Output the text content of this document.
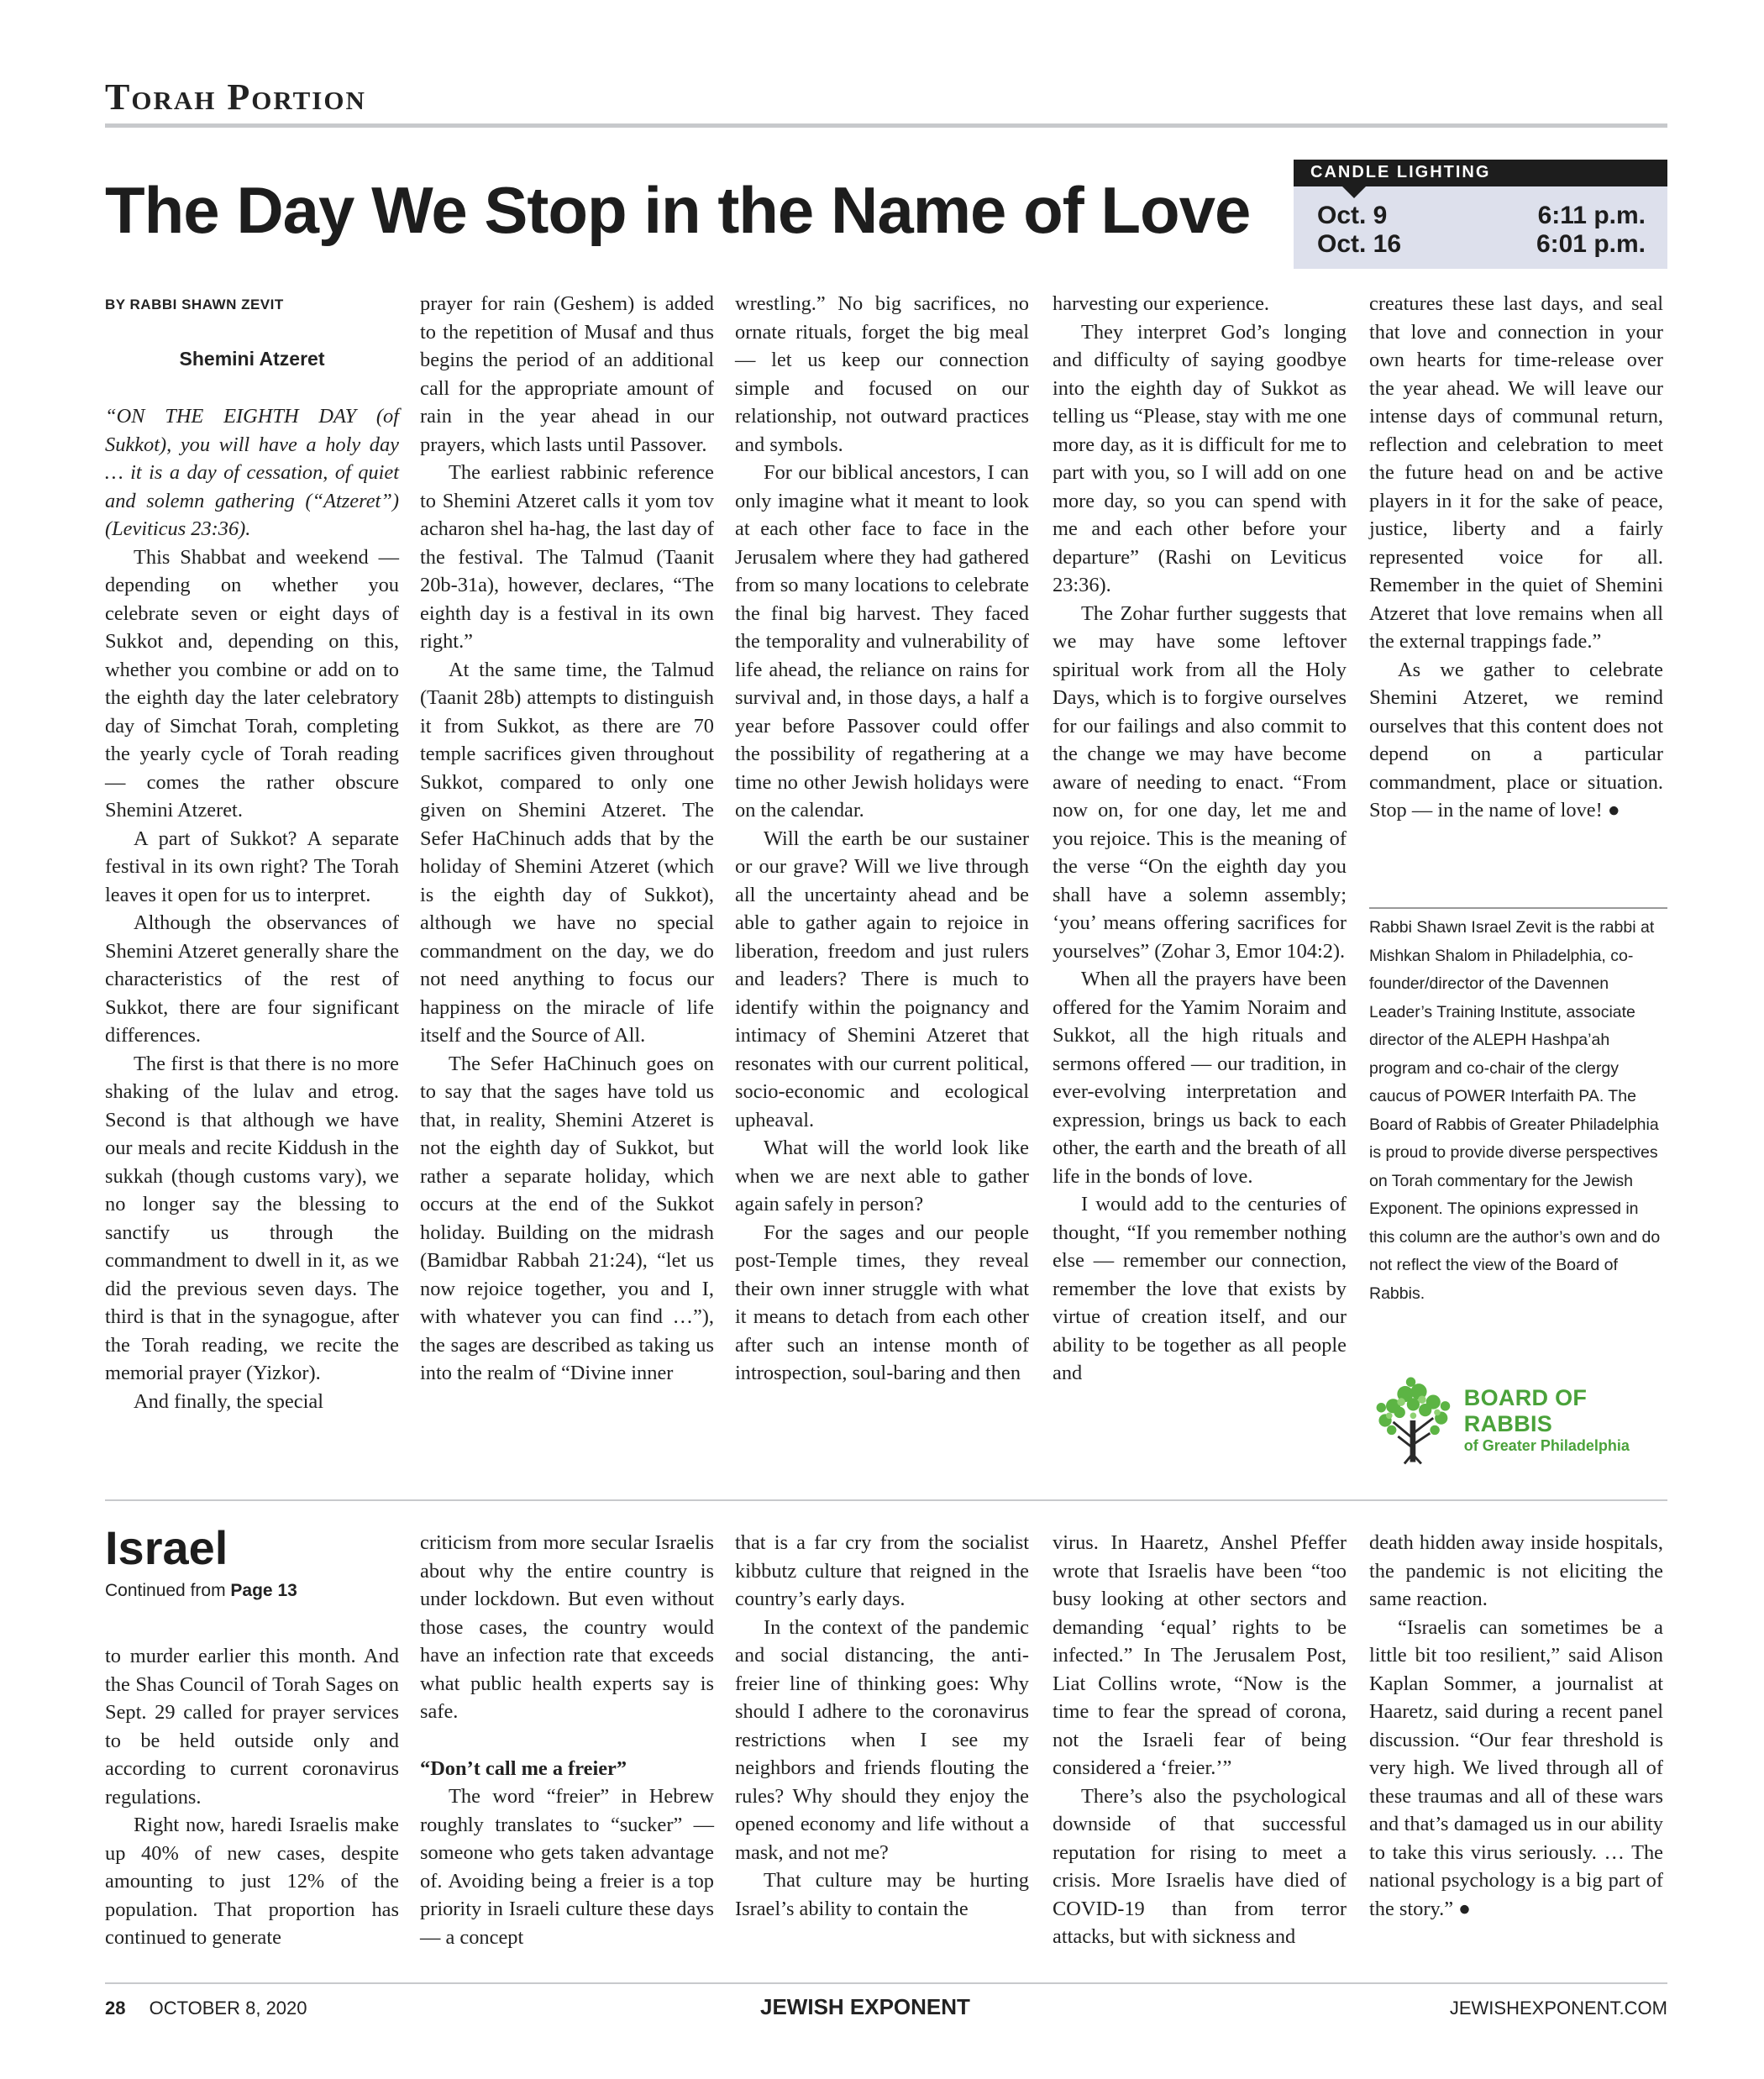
Torah Portion
The Day We Stop in the Name of Love
CANDLE LIGHTING
Oct. 9	6:11 p.m.
Oct. 16	6:01 p.m.
BY RABBI SHAWN ZEVIT
Shemini Atzeret

“ON THE EIGHTH DAY (of Sukkot), you will have a holy day … it is a day of cessation, of quiet and solemn gathering (“Atzeret”) (Leviticus 23:36).

This Shabbat and weekend — depending on whether you celebrate seven or eight days of Sukkot and, depending on this, whether you combine or add on to the eighth day the later celebratory day of Simchat Torah, completing the yearly cycle of Torah reading — comes the rather obscure Shemini Atzeret.

A part of Sukkot? A separate festival in its own right? The Torah leaves it open for us to interpret.

Although the observances of Shemini Atzeret generally share the characteristics of the rest of Sukkot, there are four significant differences.

The first is that there is no more shaking of the lulav and etrog. Second is that although we have our meals and recite Kiddush in the sukkah (though customs vary), we no longer say the blessing to sanctify us through the commandment to dwell in it, as we did the previous seven days. The third is that in the synagogue, after the Torah reading, we recite the memorial prayer (Yizkor).

And finally, the special

prayer for rain (Geshem) is added to the repetition of Musaf and thus begins the period of an additional call for the appropriate amount of rain in the year ahead in our prayers, which lasts until Passover.

The earliest rabbinic reference to Shemini Atzeret calls it yom tov acharon shel ha-hag, the last day of the festival. The Talmud (Taanit 20b-31a), however, declares, “The eighth day is a festival in its own right.”

At the same time, the Talmud (Taanit 28b) attempts to distinguish it from Sukkot, as there are 70 temple sacrifices given throughout Sukkot, compared to only one given on Shemini Atzeret. The Sefer HaChinuch adds that by the holiday of Shemini Atzeret (which is the eighth day of Sukkot), although we have no special commandment on the day, we do not need anything to focus our happiness on the miracle of life itself and the Source of All.

The Sefer HaChinuch goes on to say that the sages have told us that, in reality, Shemini Atzeret is not the eighth day of Sukkot, but rather a separate holiday, which occurs at the end of the Sukkot holiday. Building on the midrash (Bamidbar Rabbah 21:24), “let us now rejoice together, you and I, with whatever you can find …”), the sages are described as taking us into the realm of “Divine inner

wrestling.” No big sacrifices, no ornate rituals, forget the big meal — let us keep our connection simple and focused on our relationship, not outward practices and symbols.

For our biblical ancestors, I can only imagine what it meant to look at each other face to face in the Jerusalem where they had gathered from so many locations to celebrate the final big harvest. They faced the temporality and vulnerability of life ahead, the reliance on rains for survival and, in those days, a half a year before Passover could offer the possibility of regathering at a time no other Jewish holidays were on the calendar.

Will the earth be our sustainer or our grave? Will we live through all the uncertainty ahead and be able to gather again to rejoice in liberation, freedom and just rulers and leaders? There is much to identify within the poignancy and intimacy of Shemini Atzeret that resonates with our current political, socio-economic and ecological upheaval.

What will the world look like when we are next able to gather again safely in person?

For the sages and our people post-Temple times, they reveal their own inner struggle with what it means to detach from each other after such an intense month of introspection, soul-baring and then

harvesting our experience.

They interpret God’s longing and difficulty of saying goodbye into the eighth day of Sukkot as telling us “Please, stay with me one more day, as it is difficult for me to part with you, so I will add on one more day, so you can spend with me and each other before your departure” (Rashi on Leviticus 23:36).

The Zohar further suggests that we may have some leftover spiritual work from all the Holy Days, which is to forgive ourselves for our failings and also commit to the change we may have become aware of needing to enact. “From now on, for one day, let me and you rejoice. This is the meaning of the verse “On the eighth day you shall have a solemn assembly; ‘you’ means offering sacrifices for yourselves” (Zohar 3, Emor 104:2).

When all the prayers have been offered for the Yamim Noraim and Sukkot, all the high rituals and sermons offered — our tradition, in ever-evolving interpretation and expression, brings us back to each other, the earth and the breath of all life in the bonds of love.

I would add to the centuries of thought, “If you remember nothing else — remember our connection, remember the love that exists by virtue of creation itself, and our ability to be together as all people and

creatures these last days, and seal that love and connection in your own hearts for time-release over the year ahead. We will leave our intense days of communal return, reflection and celebration to meet the future head on and be active players in it for the sake of peace, justice, liberty and a fairly represented voice for all. Remember in the quiet of Shemini Atzeret that love remains when all the external trappings fade.”

As we gather to celebrate Shemini Atzeret, we remind ourselves that this content does not depend on a particular commandment, place or situation. Stop — in the name of love! ●

Rabbi Shawn Israel Zevit is the rabbi at Mishkan Shalom in Philadelphia, co-founder/director of the Davennen Leader’s Training Institute, associate director of the ALEPH Hashpa’ah program and co-chair of the clergy caucus of POWER Interfaith PA. The Board of Rabbis of Greater Philadelphia is proud to provide diverse perspectives on Torah commentary for the Jewish Exponent. The opinions expressed in this column are the author’s own and do not reflect the view of the Board of Rabbis.
BOARD OF RABBIS
of Greater Philadelphia
Israel
Continued from Page 13

to murder earlier this month. And the Shas Council of Torah Sages on Sept. 29 called for prayer services to be held outside only and according to current coronavirus regulations.

Right now, haredi Israelis make up 40% of new cases, despite amounting to just 12% of the population. That proportion has continued to generate

criticism from more secular Israelis about why the entire country is under lockdown. But even without those cases, the country would have an infection rate that exceeds what public health experts say is safe.

“Don’t call me a freier”

The word “freier” in Hebrew roughly translates to “sucker” — someone who gets taken advantage of. Avoiding being a freier is a top priority in Israeli culture these days — a concept

that is a far cry from the socialist kibbutz culture that reigned in the country’s early days.

In the context of the pandemic and social distancing, the anti-freier line of thinking goes: Why should I adhere to the coronavirus restrictions when I see my neighbors and friends flouting the rules? Why should they enjoy the opened economy and life without a mask, and not me?

That culture may be hurting Israel’s ability to contain the

virus. In Haaretz, Anshel Pfeffer wrote that Israelis have been “too busy looking at other sectors and demanding ‘equal’ rights to be infected.” In The Jerusalem Post, Liat Collins wrote, “Now is the time to fear the spread of corona, not the Israeli fear of being considered a ‘freier.’”

There’s also the psychological downside of that successful reputation for rising to meet a crisis. More Israelis have died of COVID-19 than from terror attacks, but with sickness and

death hidden away inside hospitals, the pandemic is not eliciting the same reaction.

“Israelis can sometimes be a little bit too resilient,” said Alison Kaplan Sommer, a journalist at Haaretz, said during a recent panel discussion. “Our fear threshold is very high. We lived through all of these traumas and all of these wars and that’s damaged us in our ability to take this virus seriously. … The national psychology is a big part of the story.” ●

28 OCTOBER 8, 2020	JEWISH EXPONENT	JEWISHEXPONENT.COM
